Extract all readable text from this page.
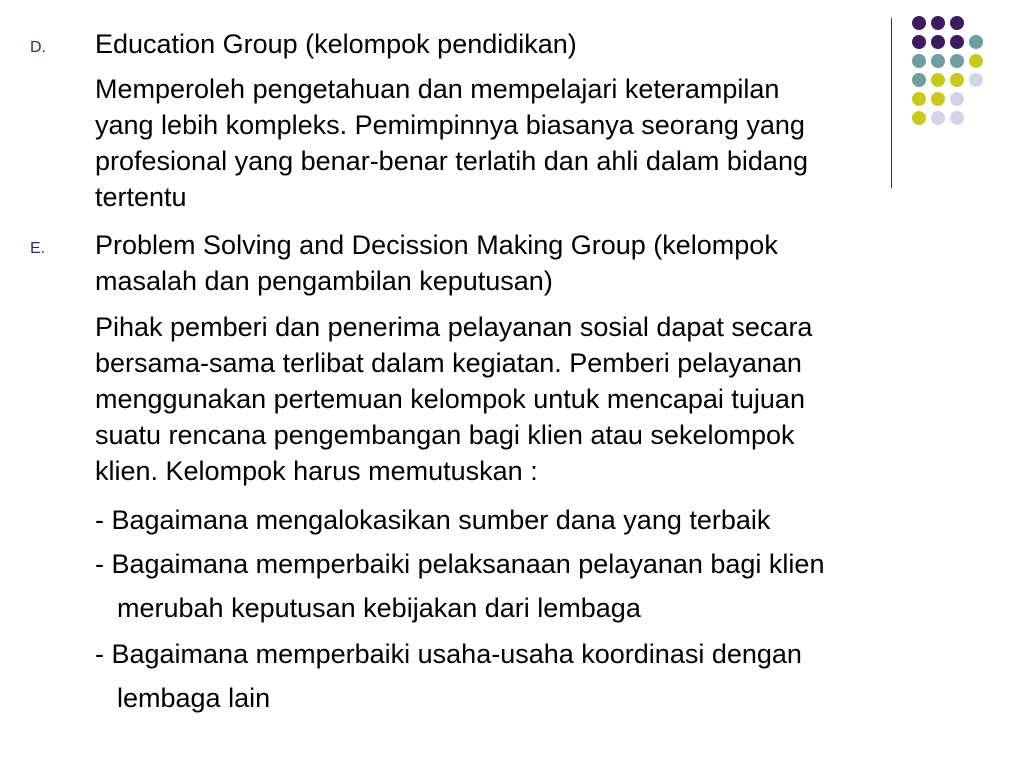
D. Education Group (kelompok pendidikan)
Memperoleh pengetahuan dan mempelajari keterampilan
yang lebih kompleks. Pemimpinnya biasanya seorang yang
profesional yang benar-benar terlatih dan ahli dalam bidang
tertentu
E. Problem Solving and Decission Making Group (kelompok
masalah dan pengambilan keputusan)
Pihak pemberi dan penerima pelayanan sosial dapat secara
bersama-sama terlibat dalam kegiatan. Pemberi pelayanan
menggunakan pertemuan kelompok untuk mencapai tujuan
suatu rencana pengembangan bagi klien atau sekelompok
klien. Kelompok harus memutuskan :
- Bagaimana mengalokasikan sumber dana yang terbaik
- Bagaimana memperbaiki pelaksanaan pelayanan bagi klien
merubah keputusan kebijakan dari lembaga
- Bagaimana memperbaiki usaha-usaha koordinasi dengan
lembaga lain
